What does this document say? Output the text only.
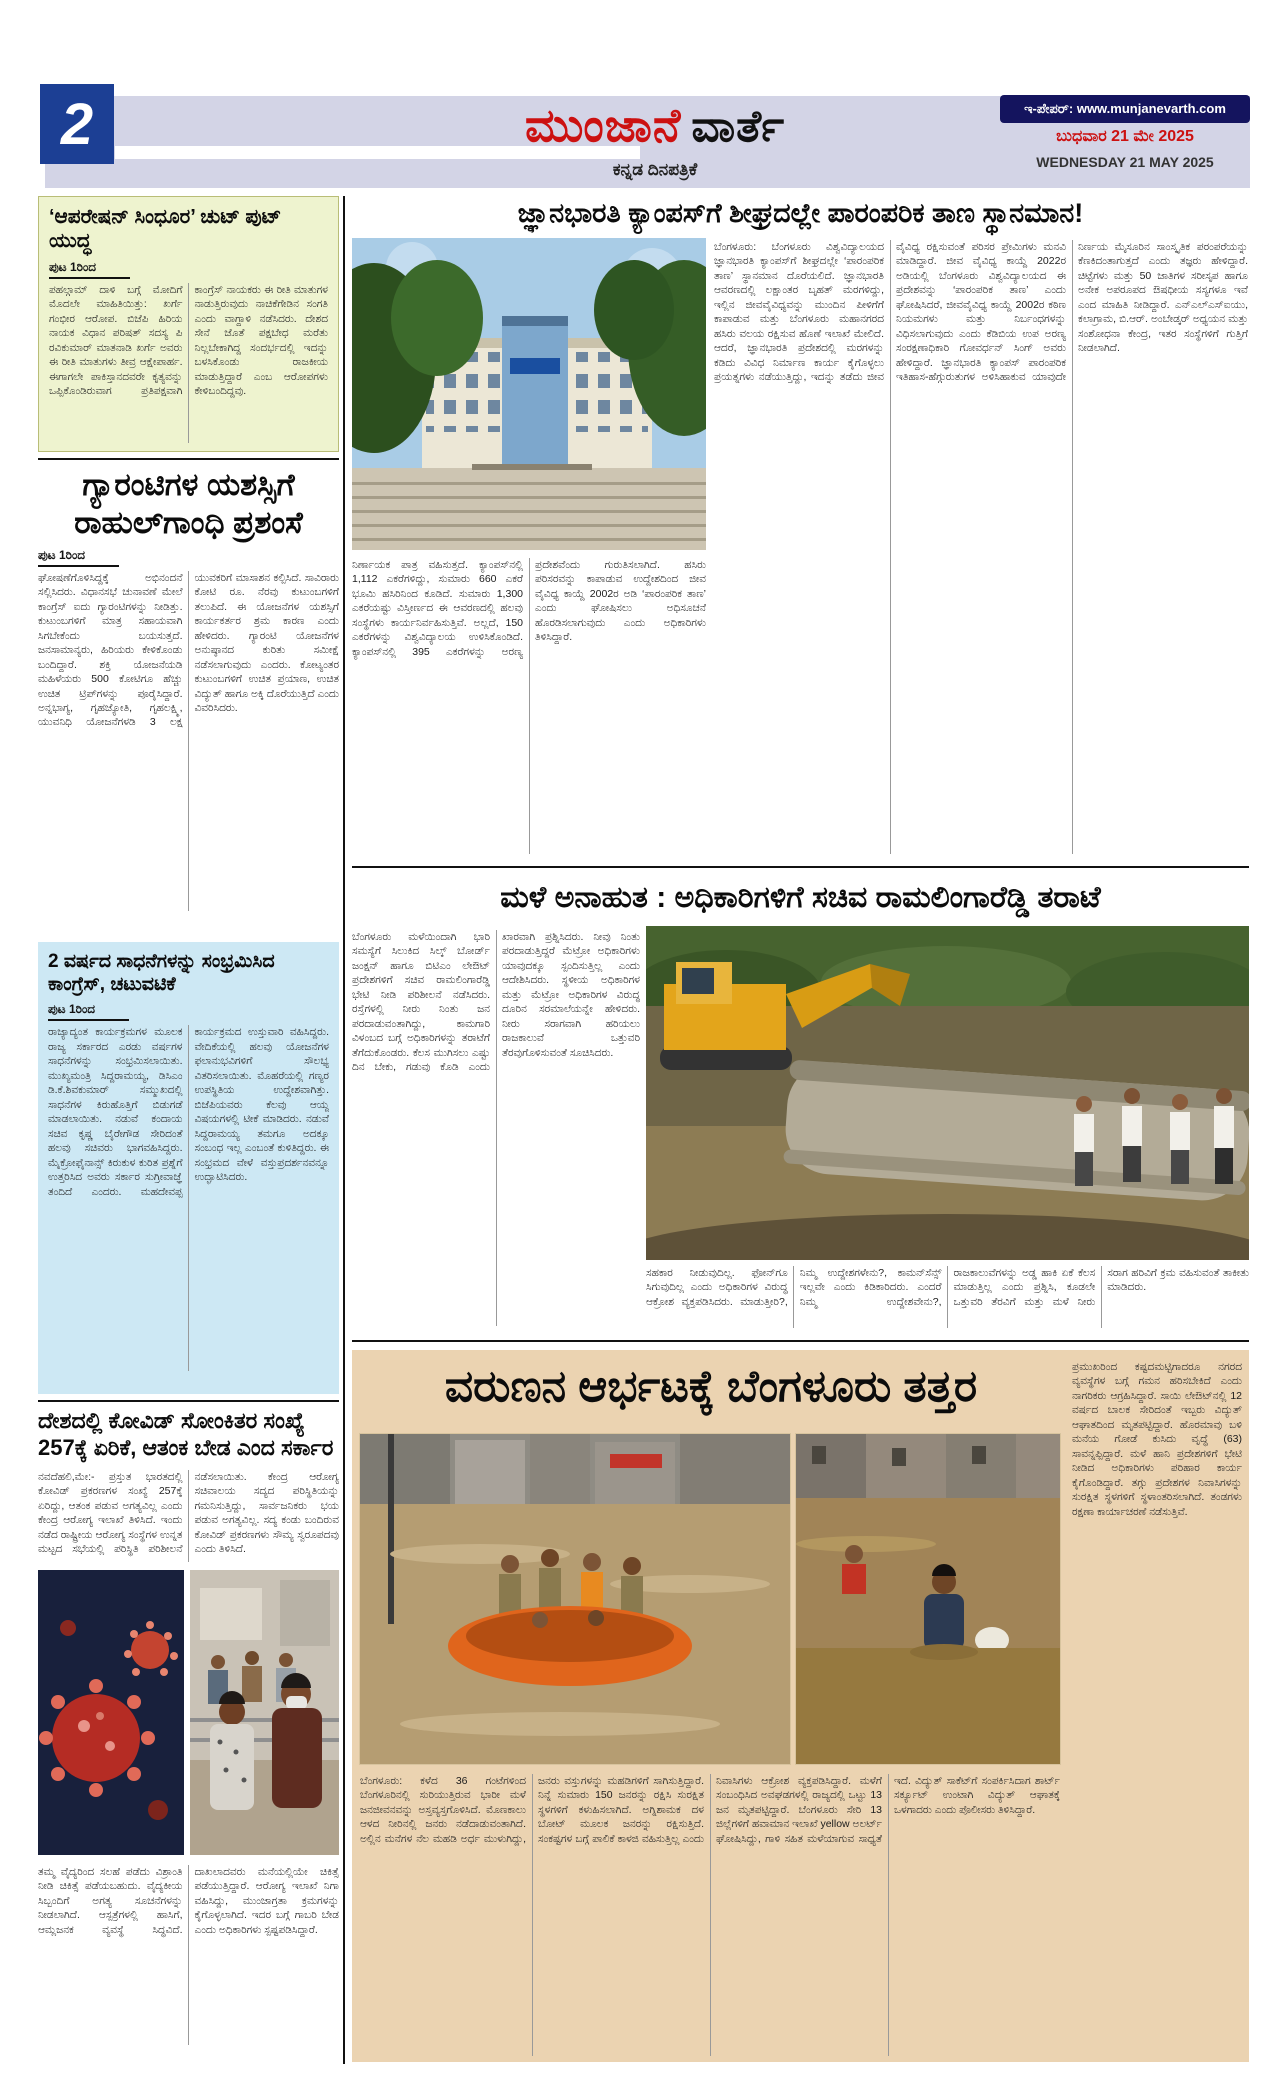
2	ಮುಂಜಾನೆ ವಾರ್ತೆ
ಕನ್ನಡ ದಿನಪತ್ರಿಕೆ
ಇ-ಪೇಪರ್: www.munjanevarth.com
ಬುಧವಾರ 21 ಮೇ 2025
WEDNESDAY 21 MAY 2025
‘ಆಪರೇಷನ್ ಸಿಂಧೂರ’ ಚುಟ್ ಪುಟ್ ಯುದ್ಧ
ಪುಟ 1ರಿಂದ
ಪಹಲ್ಗಾಮ್ ದಾಳಿ ಬಗ್ಗೆ ಮೋದಿಗೆ ಮೊದಲೇ ಮಾಹಿತಿಯಿತ್ತು: ಖರ್ಗೆ ಗಂಭೀರ ಆರೋಪ. ಬಿಜೆಪಿ ಹಿರಿಯ ನಾಯಕ ವಿಧಾನ ಪರಿಷತ್ ಸದಸ್ಯ ಪಿ ರವಿಕುಮಾರ್ ಮಾತನಾಡಿ ಖರ್ಗೆ ಅವರು ಈ ರೀತಿ ಮಾತುಗಳು ತೀವ್ರ ಆಕ್ಷೇಪಾರ್ಹ. ಈಗಾಗಲೇ ಪಾಕಿಸ್ತಾನದವರೇ ಕೃತ್ಯವನ್ನು ಒಪ್ಪಿಕೊಂಡಿರುವಾಗ ಪ್ರತಿಪಕ್ಷವಾಗಿ ಕಾಂಗ್ರೆಸ್ ನಾಯಕರು ಈ ರೀತಿ ಮಾತುಗಳ ನಾಡುತ್ತಿರುವುದು ನಾಚಿಕೆಗೇಡಿನ ಸಂಗತಿ ಎಂದು ವಾಗ್ದಾಳಿ ನಡೆಸಿದರು. ದೇಶದ ಸೇನೆ ಜೊತೆ ಪಕ್ಷಬೇಧ ಮರೆತು ನಿಲ್ಲಬೇಕಾಗಿದ್ದ ಸಂದರ್ಭದಲ್ಲಿ ಇದನ್ನು ಬಳಸಿಕೊಂಡು ರಾಜಕೀಯ ಮಾಡುತ್ತಿದ್ದಾರೆ ಎಂಬ ಆರೋಪಗಳು ಕೇಳಿಬಂದಿದ್ದವು.
ಗ್ಯಾರಂಟಿಗಳ ಯಶಸ್ಸಿಗೆ ರಾಹುಲ್‌ಗಾಂಧಿ ಪ್ರಶಂಸೆ
ಪುಟ 1ರಿಂದ
ಘೋಷಣೆಗೊಳಿಸಿದ್ದಕ್ಕೆ ಅಭಿನಂದನೆ ಸಲ್ಲಿಸಿದರು. ವಿಧಾನಸಭೆ ಚುನಾವಣೆ ಮೇಲೆ ಕಾಂಗ್ರೆಸ್ ಐದು ಗ್ಯಾರಂಟಿಗಳನ್ನು ನೀಡಿತ್ತು. ಕುಟುಂಬಗಳಿಗೆ ಮಾತ್ರ ಸಹಾಯವಾಗಿ ಸಿಗಬೇಕೆಂದು ಬಯಸುತ್ತದೆ. ಜನಸಾಮಾನ್ಯರು, ಹಿರಿಯರು ಕೇಳಿಕೊಂಡು ಬಂದಿದ್ದಾರೆ. ಶಕ್ತಿ ಯೋಜನೆಯಡಿ ಮಹಿಳೆಯರು 500 ಕೋಟಿಗೂ ಹೆಚ್ಚು ಉಚಿತ ಟ್ರಿಪ್‌ಗಳನ್ನು ಪೂರೈಸಿದ್ದಾರೆ. ಅನ್ನಭಾಗ್ಯ, ಗೃಹಜ್ಯೋತಿ, ಗೃಹಲಕ್ಷ್ಮಿ, ಯುವನಿಧಿ ಯೋಜನೆಗಳಡಿ 3 ಲಕ್ಷ ಯುವಕರಿಗೆ ಮಾಸಾಶನ ಕಲ್ಪಿಸಿದೆ. ಸಾವಿರಾರು ಕೋಟಿ ರೂ. ನೆರವು ಕುಟುಂಬಗಳಿಗೆ ತಲುಪಿದೆ. ಈ ಯೋಜನೆಗಳ ಯಶಸ್ಸಿಗೆ ಕಾರ್ಯಕರ್ತರ ಶ್ರಮ ಕಾರಣ ಎಂದು ಹೇಳಿದರು. ಗ್ಯಾರಂಟಿ ಯೋಜನೆಗಳ ಅನುಷ್ಠಾನದ ಕುರಿತು ಸಮೀಕ್ಷೆ ನಡೆಸಲಾಗುವುದು ಎಂದರು. ಕೋಟ್ಯಂತರ ಕುಟುಂಬಗಳಿಗೆ ಉಚಿತ ಪ್ರಯಾಣ, ಉಚಿತ ವಿದ್ಯುತ್ ಹಾಗೂ ಅಕ್ಕಿ ದೊರೆಯುತ್ತಿದೆ ಎಂದು ವಿವರಿಸಿದರು.
2 ವರ್ಷದ ಸಾಧನೆಗಳನ್ನು ಸಂಭ್ರಮಿಸಿದ ಕಾಂಗ್ರೆಸ್, ಚಟುವಟಿಕೆ
ಪುಟ 1ರಿಂದ
ರಾಜ್ಯಾದ್ಯಂತ ಕಾರ್ಯಕ್ರಮಗಳ ಮೂಲಕ ರಾಜ್ಯ ಸರ್ಕಾರದ ಎರಡು ವರ್ಷಗಳ ಸಾಧನೆಗಳನ್ನು ಸಂಭ್ರಮಿಸಲಾಯಿತು. ಮುಖ್ಯಮಂತ್ರಿ ಸಿದ್ದರಾಮಯ್ಯ, ಡಿಸಿಎಂ ಡಿ.ಕೆ.ಶಿವಕುಮಾರ್ ಸಮ್ಮುಖದಲ್ಲಿ ಸಾಧನೆಗಳ ಕಿರುಹೊತ್ತಿಗೆ ಬಿಡುಗಡೆ ಮಾಡಲಾಯಿತು. ನಡುವೆ ಕಂದಾಯ ಸಚಿವ ಕೃಷ್ಣ ಬೈರೇಗೌಡ ಸೇರಿದಂತೆ ಹಲವು ಸಚಿವರು ಭಾಗವಹಿಸಿದ್ದರು. ಮೈಕ್ರೋಫೈನಾನ್ಸ್ ಕಿರುಕುಳ ಕುರಿತ ಪ್ರಶ್ನೆಗೆ ಉತ್ತರಿಸಿದ ಅವರು ಸರ್ಕಾರ ಸುಗ್ರೀವಾಜ್ಞೆ ತಂದಿದೆ ಎಂದರು. ಮಹದೇವಪ್ಪ ಕಾರ್ಯಕ್ರಮದ ಉಸ್ತುವಾರಿ ವಹಿಸಿದ್ದರು. ವೇದಿಕೆಯಲ್ಲಿ ಹಲವು ಯೋಜನೆಗಳ ಫಲಾನುಭವಿಗಳಿಗೆ ಸೌಲಭ್ಯ ವಿತರಿಸಲಾಯಿತು. ಮೊಹರೆಯಲ್ಲಿ ಗಣ್ಯರ ಉಪಸ್ಥಿತಿಯ ಉದ್ದೇಶವಾಗಿತ್ತು. ಬಿಜೆಪಿಯವರು ಕೆಲವು ಆಯ್ದ ವಿಷಯಗಳಲ್ಲಿ ಟೀಕೆ ಮಾಡಿದರು. ನಡುವೆ ಸಿದ್ದರಾಮಯ್ಯ ತಮಗೂ ಅದಕ್ಕೂ ಸಂಬಂಧ ಇಲ್ಲ ಎಂಬಂತೆ ಕುಳಿತಿದ್ದರು. ಈ ಸಂಭ್ರಮದ ವೇಳೆ ವಸ್ತುಪ್ರದರ್ಶನವನ್ನೂ ಉದ್ಘಾಟಿಸಿದರು.
ದೇಶದಲ್ಲಿ ಕೋವಿಡ್ ಸೋಂಕಿತರ ಸಂಖ್ಯೆ 257ಕ್ಕೆ ಏರಿಕೆ, ಆತಂಕ ಬೇಡ ಎಂದ ಸರ್ಕಾರ
ನವದೆಹಲಿ,ಮೇ:- ಪ್ರಸ್ತುತ ಭಾರತದಲ್ಲಿ ಕೋವಿಡ್ ಪ್ರಕರಣಗಳ ಸಂಖ್ಯೆ 257ಕ್ಕೆ ಏರಿದ್ದು, ಆತಂಕ ಪಡುವ ಅಗತ್ಯವಿಲ್ಲ ಎಂದು ಕೇಂದ್ರ ಆರೋಗ್ಯ ಇಲಾಖೆ ತಿಳಿಸಿದೆ. ಇಂದು ನಡೆದ ರಾಷ್ಟ್ರೀಯ ಆರೋಗ್ಯ ಸಂಸ್ಥೆಗಳ ಉನ್ನತ ಮಟ್ಟದ ಸಭೆಯಲ್ಲಿ ಪರಿಸ್ಥಿತಿ ಪರಿಶೀಲನೆ ನಡೆಸಲಾಯಿತು. ಕೇಂದ್ರ ಆರೋಗ್ಯ ಸಚಿವಾಲಯ ಸದ್ಯದ ಪರಿಸ್ಥಿತಿಯನ್ನು ಗಮನಿಸುತ್ತಿದ್ದು, ಸಾರ್ವಜನಿಕರು ಭಯ ಪಡುವ ಅಗತ್ಯವಿಲ್ಲ. ಸದ್ಯ ಕಂಡು ಬಂದಿರುವ ಕೋವಿಡ್ ಪ್ರಕರಣಗಳು ಸೌಮ್ಯ ಸ್ವರೂಪದವು ಎಂದು ತಿಳಿಸಿದೆ.
ತಮ್ಮ ವೈದ್ಯರಿಂದ ಸಲಹೆ ಪಡೆದು ವಿಶ್ರಾಂತಿ ನೀಡಿ ಚಿಕಿತ್ಸೆ ಪಡೆಯಬಹುದು. ವೈದ್ಯಕೀಯ ಸಿಬ್ಬಂದಿಗೆ ಅಗತ್ಯ ಸೂಚನೆಗಳನ್ನು ನೀಡಲಾಗಿದೆ. ಆಸ್ಪತ್ರೆಗಳಲ್ಲಿ ಹಾಸಿಗೆ, ಆಮ್ಲಜನಕ ವ್ಯವಸ್ಥೆ ಸಿದ್ಧವಿದೆ. ದಾಖಲಾದವರು ಮನೆಯಲ್ಲಿಯೇ ಚಿಕಿತ್ಸೆ ಪಡೆಯುತ್ತಿದ್ದಾರೆ. ಆರೋಗ್ಯ ಇಲಾಖೆ ನಿಗಾ ವಹಿಸಿದ್ದು, ಮುಂಜಾಗ್ರತಾ ಕ್ರಮಗಳನ್ನು ಕೈಗೊಳ್ಳಲಾಗಿದೆ. ಇದರ ಬಗ್ಗೆ ಗಾಬರಿ ಬೇಡ ಎಂದು ಅಧಿಕಾರಿಗಳು ಸ್ಪಷ್ಟಪಡಿಸಿದ್ದಾರೆ.
ಜ್ಞಾನಭಾರತಿ ಕ್ಯಾಂಪಸ್‌ಗೆ ಶೀಘ್ರದಲ್ಲೇ ಪಾರಂಪರಿಕ ತಾಣ ಸ್ಥಾನಮಾನ!
ಬೆಂಗಳೂರು: ಬೆಂಗಳೂರು ವಿಶ್ವವಿದ್ಯಾಲಯದ ಜ್ಞಾನಭಾರತಿ ಕ್ಯಾಂಪಸ್‌ಗೆ ಶೀಘ್ರದಲ್ಲೇ ‘ಪಾರಂಪರಿಕ ತಾಣ’ ಸ್ಥಾನಮಾನ ದೊರೆಯಲಿದೆ. ಜ್ಞಾನಭಾರತಿ ಆವರಣದಲ್ಲಿ ಲಕ್ಷಾಂತರ ಬೃಹತ್ ಮರಗಳಿದ್ದು, ಇಲ್ಲಿನ ಜೀವವೈವಿಧ್ಯವನ್ನು ಮುಂದಿನ ಪೀಳಿಗೆಗೆ ಕಾಪಾಡುವ ಮತ್ತು ಬೆಂಗಳೂರು ಮಹಾನಗರದ ಹಸಿರು ವಲಯ ರಕ್ಷಿಸುವ ಹೊಣೆ ಇಲಾಖೆ ಮೇಲಿದೆ. ಆದರೆ, ಜ್ಞಾನಭಾರತಿ ಪ್ರದೇಶದಲ್ಲಿ ಮರಗಳನ್ನು ಕಡಿದು ವಿವಿಧ ನಿರ್ಮಾಣ ಕಾರ್ಯ ಕೈಗೊಳ್ಳಲು ಪ್ರಯತ್ನಗಳು ನಡೆಯುತ್ತಿದ್ದು, ಇದನ್ನು ತಡೆದು ಜೀವ ವೈವಿಧ್ಯ ರಕ್ಷಿಸುವಂತೆ ಪರಿಸರ ಪ್ರೇಮಿಗಳು ಮನವಿ ಮಾಡಿದ್ದಾರೆ. ಜೀವ ವೈವಿಧ್ಯ ಕಾಯ್ದೆ 2022ರ ಅಡಿಯಲ್ಲಿ ಬೆಂಗಳೂರು ವಿಶ್ವವಿದ್ಯಾಲಯದ ಈ ಪ್ರದೇಶವನ್ನು ‘ಪಾರಂಪರಿಕ ತಾಣ’ ಎಂದು ಘೋಷಿಸಿದರೆ, ಜೀವವೈವಿಧ್ಯ ಕಾಯ್ದೆ 2002ರ ಕಠಿಣ ನಿಯಮಗಳು ಮತ್ತು ನಿರ್ಬಂಧಗಳನ್ನು ವಿಧಿಸಲಾಗುವುದು ಎಂದು ಕೆಡಿಬಿಯ ಉಪ ಅರಣ್ಯ ಸಂರಕ್ಷಣಾಧಿಕಾರಿ ಗೋವರ್ಧನ್ ಸಿಂಗ್ ಅವರು ಹೇಳಿದ್ದಾರೆ. ಜ್ಞಾನಭಾರತಿ ಕ್ಯಾಂಪಸ್ ಪಾರಂಪರಿಕ ಇತಿಹಾಸ-ಹೆಗ್ಗುರುತುಗಳ ಅಳಿಸಿಹಾಕುವ ಯಾವುದೇ ನಿರ್ಣಯ ಮೈಸೂರಿನ ಸಾಂಸ್ಕೃತಿಕ ಪರಂಪರೆಯನ್ನು ಕೆಣಕಿದಂತಾಗುತ್ತದೆ ಎಂದು ತಜ್ಞರು ಹೇಳಿದ್ದಾರೆ. ಚಿಟ್ಟೆಗಳು ಮತ್ತು 50 ಜಾತಿಗಳ ಸರೀಸೃಪ ಹಾಗೂ ಅನೇಕ ಅಪರೂಪದ ಔಷಧೀಯ ಸಸ್ಯಗಳೂ ಇವೆ ಎಂದ ಮಾಹಿತಿ ನೀಡಿದ್ದಾರೆ. ಎನ್‌ಎಲ್‌ಎಸ್‌ಐಯು, ಕಲಾಗ್ರಾಮ, ಬಿ.ಆರ್. ಅಂಬೇಡ್ಕರ್ ಅಧ್ಯಯನ ಮತ್ತು ಸಂಶೋಧನಾ ಕೇಂದ್ರ, ಇತರ ಸಂಸ್ಥೆಗಳಿಗೆ ಗುತ್ತಿಗೆ ನೀಡಲಾಗಿದೆ.
ನಿರ್ಣಾಯಕ ಪಾತ್ರ ವಹಿಸುತ್ತದೆ. ಕ್ಯಾಂಪಸ್‌ನಲ್ಲಿ 1,112 ಎಕರೆಗಳಿದ್ದು, ಸುಮಾರು 660 ಎಕರೆ ಭೂಮಿ ಹಸಿರಿನಿಂದ ಕೂಡಿದೆ. ಸುಮಾರು 1,300 ಎಕರೆಯಷ್ಟು ವಿಸ್ತೀರ್ಣದ ಈ ಆವರಣದಲ್ಲಿ ಹಲವು ಸಂಸ್ಥೆಗಳು ಕಾರ್ಯನಿರ್ವಹಿಸುತ್ತಿವೆ. ಅಲ್ಲದೆ, 150 ಎಕರೆಗಳನ್ನು ವಿಶ್ವವಿದ್ಯಾಲಯ ಉಳಿಸಿಕೊಂಡಿದೆ. ಕ್ಯಾಂಪಸ್‌ನಲ್ಲಿ 395 ಎಕರೆಗಳನ್ನು ಅರಣ್ಯ ಪ್ರದೇಶವೆಂದು ಗುರುತಿಸಲಾಗಿದೆ. ಹಸಿರು ಪರಿಸರವನ್ನು ಕಾಪಾಡುವ ಉದ್ದೇಶದಿಂದ ಜೀವ ವೈವಿಧ್ಯ ಕಾಯ್ದೆ 2002ರ ಅಡಿ ‘ಪಾರಂಪರಿಕ ತಾಣ’ ಎಂದು ಘೋಷಿಸಲು ಅಧಿಸೂಚನೆ ಹೊರಡಿಸಲಾಗುವುದು ಎಂದು ಅಧಿಕಾರಿಗಳು ತಿಳಿಸಿದ್ದಾರೆ.
ಮಳೆ ಅನಾಹುತ : ಅಧಿಕಾರಿಗಳಿಗೆ ಸಚಿವ ರಾಮಲಿಂಗಾರೆಡ್ಡಿ ತರಾಟೆ
ಬೆಂಗಳೂರು ಮಳೆಯಿಂದಾಗಿ ಭಾರಿ ಸಮಸ್ಯೆಗೆ ಸಿಲುಕಿದ ಸಿಲ್ಕ್ ಬೋರ್ಡ್ ಜಂಕ್ಷನ್ ಹಾಗೂ ಬಿಟಿಎಂ ಲೇಔಟ್ ಪ್ರದೇಶಗಳಿಗೆ ಸಚಿವ ರಾಮಲಿಂಗಾರೆಡ್ಡಿ ಭೇಟಿ ನೀಡಿ ಪರಿಶೀಲನೆ ನಡೆಸಿದರು. ರಸ್ತೆಗಳಲ್ಲಿ ನೀರು ನಿಂತು ಜನ ಪರದಾಡುವಂತಾಗಿದ್ದು, ಕಾಮಗಾರಿ ವಿಳಂಬದ ಬಗ್ಗೆ ಅಧಿಕಾರಿಗಳನ್ನು ತರಾಟೆಗೆ ತೆಗೆದುಕೊಂಡರು. ಕೆಲಸ ಮುಗಿಸಲು ಎಷ್ಟು ದಿನ ಬೇಕು, ಗಡುವು ಕೊಡಿ ಎಂದು ಖಾರವಾಗಿ ಪ್ರಶ್ನಿಸಿದರು. ನೀವು ನಿಂತು ಪರದಾಡುತ್ತಿದ್ದರೆ ಮೆಟ್ರೋ ಅಧಿಕಾರಿಗಳು ಯಾವುದಕ್ಕೂ ಸ್ಪಂದಿಸುತ್ತಿಲ್ಲ ಎಂದು ಆದೇಶಿಸಿದರು. ಸ್ಥಳೀಯ ಅಧಿಕಾರಿಗಳ ಮತ್ತು ಮೆಟ್ರೋ ಅಧಿಕಾರಿಗಳ ವಿರುದ್ಧ ದೂರಿನ ಸರಮಾಲೆಯನ್ನೇ ಹೇಳಿದರು. ನೀರು ಸರಾಗವಾಗಿ ಹರಿಯಲು ರಾಜಕಾಲುವೆ ಒತ್ತುವರಿ ತೆರವುಗೊಳಿಸುವಂತೆ ಸೂಚಿಸಿದರು.
ಸಹಕಾರ ನೀಡುವುದಿಲ್ಲ. ಫೋನ್‌ಗೂ ಸಿಗುವುದಿಲ್ಲ ಎಂದು ಅಧಿಕಾರಿಗಳ ವಿರುದ್ಧ ಆಕ್ರೋಶ ವ್ಯಕ್ತಪಡಿಸಿದರು. ಮಾಡುತ್ತೀರಿ?, ನಿಮ್ಮ ಉದ್ದೇಶಗಳೇನು?, ಕಾಮನ್‌ಸೆನ್ಸ್ ಇಲ್ಲವೇ ಎಂದು ಕಿಡಿಕಾರಿದರು. ಎಂದರೆ ನಿಮ್ಮ ಉದ್ದೇಶವೇನು?, ರಾಜಕಾಲುವೆಗಳನ್ನು ಅಡ್ಡ ಹಾಕಿ ಏಕೆ ಕೆಲಸ ಮಾಡುತ್ತಿಲ್ಲ ಎಂದು ಪ್ರಶ್ನಿಸಿ, ಕೂಡಲೇ ಒತ್ತುವರಿ ತೆರವಿಗೆ ಮತ್ತು ಮಳೆ ನೀರು ಸರಾಗ ಹರಿವಿಗೆ ಕ್ರಮ ವಹಿಸುವಂತೆ ತಾಕೀತು ಮಾಡಿದರು.
ವರುಣನ ಆರ್ಭಟಕ್ಕೆ ಬೆಂಗಳೂರು ತತ್ತರ	ಪ್ರಮುಖರಿಂದ ಕಷ್ಟದಮಟ್ಟಿಗಾದರೂ ನಗರದ ವ್ಯವಸ್ಥೆಗಳ ಬಗ್ಗೆ ಗಮನ ಹರಿಸಬೇಕಿದೆ ಎಂದು ನಾಗರಿಕರು ಆಗ್ರಹಿಸಿದ್ದಾರೆ. ಸಾಯಿ ಲೇಔಟ್‌ನಲ್ಲಿ 12 ವರ್ಷದ ಬಾಲಕ ಸೇರಿದಂತೆ ಇಬ್ಬರು ವಿದ್ಯುತ್ ಆಘಾತದಿಂದ ಮೃತಪಟ್ಟಿದ್ದಾರೆ. ಹೊರಮಾವು ಬಳಿ ಮನೆಯ ಗೋಡೆ ಕುಸಿದು ವೃದ್ಧೆ (63) ಸಾವನ್ನಪ್ಪಿದ್ದಾರೆ. ಮಳೆ ಹಾನಿ ಪ್ರದೇಶಗಳಿಗೆ ಭೇಟಿ ನೀಡಿದ ಅಧಿಕಾರಿಗಳು ಪರಿಹಾರ ಕಾರ್ಯ ಕೈಗೊಂಡಿದ್ದಾರೆ. ತಗ್ಗು ಪ್ರದೇಶಗಳ ನಿವಾಸಿಗಳನ್ನು ಸುರಕ್ಷಿತ ಸ್ಥಳಗಳಿಗೆ ಸ್ಥಳಾಂತರಿಸಲಾಗಿದೆ. ತಂಡಗಳು ರಕ್ಷಣಾ ಕಾರ್ಯಾಚರಣೆ ನಡೆಸುತ್ತಿವೆ.
ಬೆಂಗಳೂರು: ಕಳೆದ 36 ಗಂಟೆಗಳಿಂದ ಬೆಂಗಳೂರಿನಲ್ಲಿ ಸುರಿಯುತ್ತಿರುವ ಭಾರೀ ಮಳೆ ಜನಜೀವನವನ್ನು ಅಸ್ತವ್ಯಸ್ತಗೊಳಿಸಿದೆ. ಮೊಣಕಾಲು ಆಳದ ನೀರಿನಲ್ಲಿ ಜನರು ನಡೆದಾಡುವಂತಾಗಿದೆ. ಅಲ್ಲಿನ ಮನೆಗಳ ನೆಲ ಮಹಡಿ ಅರ್ಧ ಮುಳುಗಿದ್ದು, ಜನರು ವಸ್ತುಗಳನ್ನು ಮಹಡಿಗಳಿಗೆ ಸಾಗಿಸುತ್ತಿದ್ದಾರೆ. ನಿನ್ನೆ ಸುಮಾರು 150 ಜನರನ್ನು ರಕ್ಷಿಸಿ ಸುರಕ್ಷಿತ ಸ್ಥಳಗಳಿಗೆ ಕಳುಹಿಸಲಾಗಿದೆ. ಅಗ್ನಿಶಾಮಕ ದಳ ಬೋಟ್ ಮೂಲಕ ಜನರನ್ನು ರಕ್ಷಿಸುತ್ತಿದೆ. ಸಂಕಷ್ಟಗಳ ಬಗ್ಗೆ ಪಾಲಿಕೆ ಕಾಳಜಿ ವಹಿಸುತ್ತಿಲ್ಲ ಎಂದು ನಿವಾಸಿಗಳು ಆಕ್ರೋಶ ವ್ಯಕ್ತಪಡಿಸಿದ್ದಾರೆ. ಮಳೆಗೆ ಸಂಬಂಧಿಸಿದ ಅವಘಡಗಳಲ್ಲಿ ರಾಜ್ಯದಲ್ಲಿ ಒಟ್ಟು 13 ಜನ ಮೃತಪಟ್ಟಿದ್ದಾರೆ. ಬೆಂಗಳೂರು ಸೇರಿ 13 ಜಿಲ್ಲೆಗಳಿಗೆ ಹವಾಮಾನ ಇಲಾಖೆ yellow ಅಲರ್ಟ್ ಘೋಷಿಸಿದ್ದು, ಗಾಳಿ ಸಹಿತ ಮಳೆಯಾಗುವ ಸಾಧ್ಯತೆ ಇದೆ. ವಿದ್ಯುತ್ ಸಾಕೆಟ್‌ಗೆ ಸಂಪರ್ಕಿಸಿದಾಗ ಶಾರ್ಟ್ ಸರ್ಕ್ಯೂಟ್ ಉಂಟಾಗಿ ವಿದ್ಯುತ್ ಆಘಾತಕ್ಕೆ ಒಳಗಾದರು ಎಂದು ಪೊಲೀಸರು ತಿಳಿಸಿದ್ದಾರೆ.
